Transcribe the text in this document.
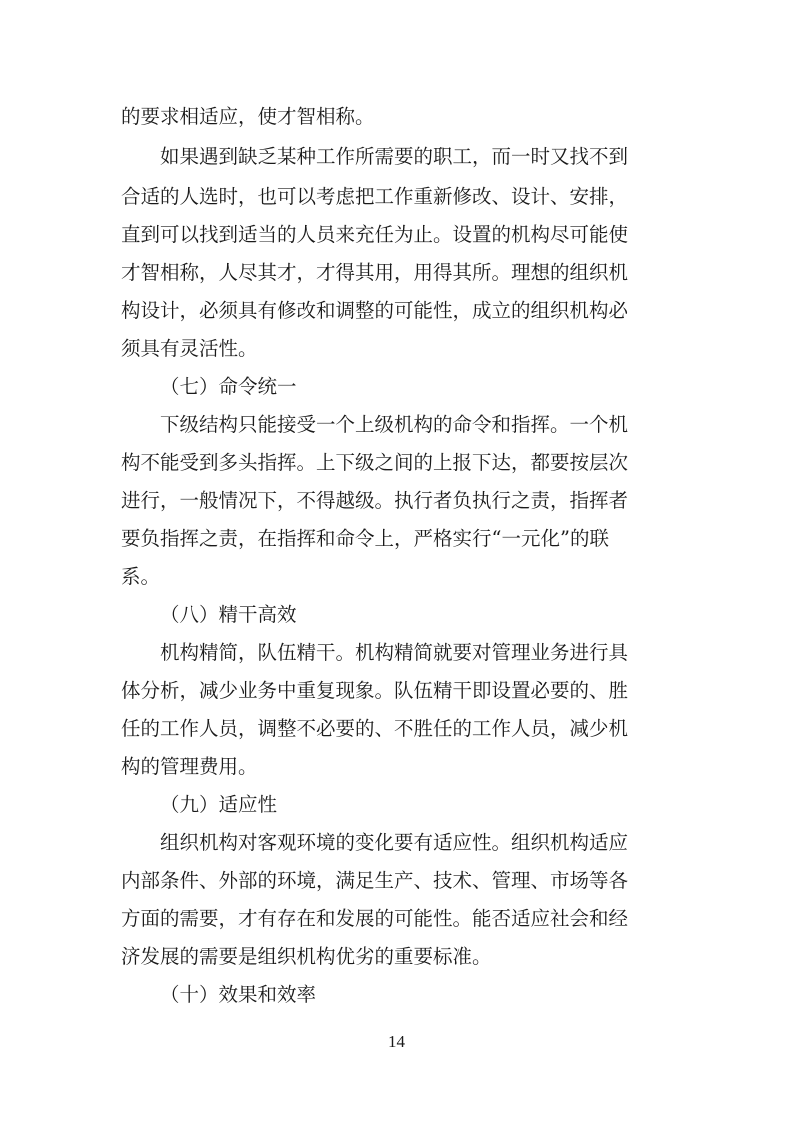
的要求相适应，使才智相称。
如果遇到缺乏某种工作所需要的职工，而一时又找不到
合适的人选时，也可以考虑把工作重新修改、设计、安排，
直到可以找到适当的人员来充任为止。设置的机构尽可能使
才智相称，人尽其才，才得其用，用得其所。理想的组织机
构设计，必须具有修改和调整的可能性，成立的组织机构必
须具有灵活性。
（七）命令统一
下级结构只能接受一个上级机构的命令和指挥。一个机
构不能受到多头指挥。上下级之间的上报下达，都要按层次
进行，一般情况下，不得越级。执行者负执行之责，指挥者
要负指挥之责，在指挥和命令上，严格实行“一元化”的联
系。
（八）精干高效
机构精简，队伍精干。机构精简就要对管理业务进行具
体分析，减少业务中重复现象。队伍精干即设置必要的、胜
任的工作人员，调整不必要的、不胜任的工作人员，减少机
构的管理费用。
（九）适应性
组织机构对客观环境的变化要有适应性。组织机构适应
内部条件、外部的环境，满足生产、技术、管理、市场等各
方面的需要，才有存在和发展的可能性。能否适应社会和经
济发展的需要是组织机构优劣的重要标准。
（十）效果和效率
14
